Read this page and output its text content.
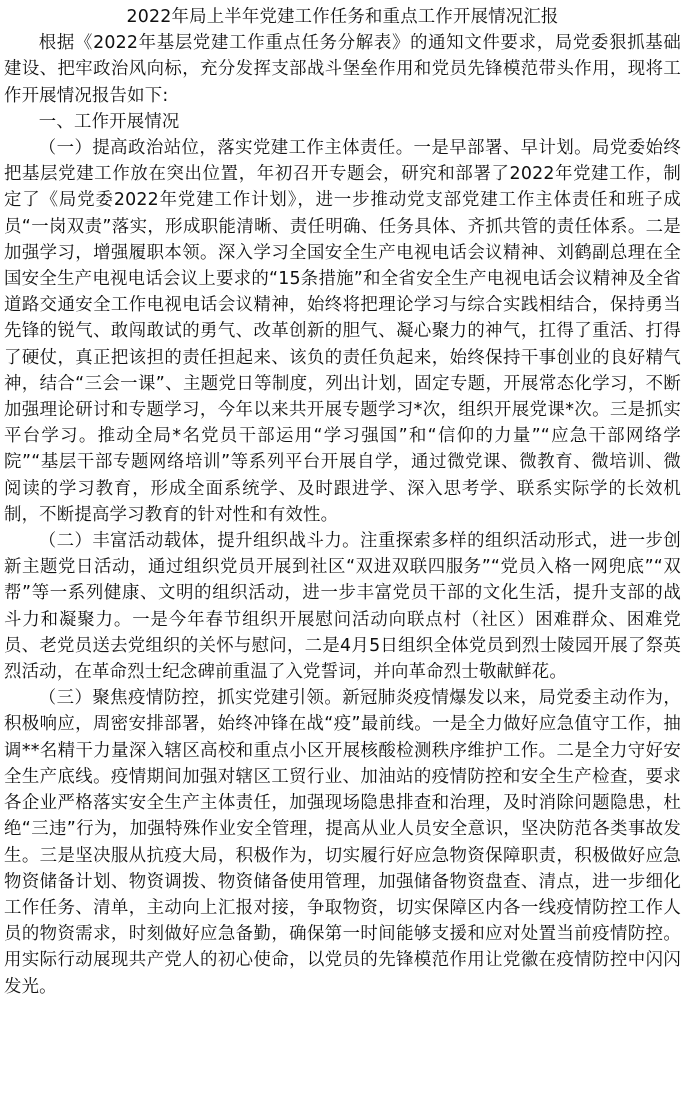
2022年局上半年党建工作任务和重点工作开展情况汇报

根据《2022年基层党建工作重点任务分解表》的通知文件要求，局党委狠抓基础建设、把牢政治风向标，充分发挥支部战斗堡垒作用和党员先锋模范带头作用，现将工作开展情况报告如下:

一、工作开展情况

（一）提高政治站位，落实党建工作主体责任。一是早部署、早计划。局党委始终把基层党建工作放在突出位置，年初召开专题会，研究和部署了2022年党建工作，制定了《局党委2022年党建工作计划》，进一步推动党支部党建工作主体责任和班子成员“一岗双责”落实，形成职能清晰、责任明确、任务具体、齐抓共管的责任体系。二是加强学习，增强履职本领。深入学习全国安全生产电视电话会议精神、刘鹤副总理在全国安全生产电视电话会议上要求的“15条措施”和全省安全生产电视电话会议精神及全省道路交通安全工作电视电话会议精神，始终将把理论学习与综合实践相结合，保持勇当先锋的锐气、敢闯敢试的勇气、改革创新的胆气、凝心聚力的神气，扛得了重活、打得了硬仗，真正把该担的责任担起来、该负的责任负起来，始终保持干事创业的良好精气神，结合“三会一课”、主题党日等制度，列出计划，固定专题，开展常态化学习，不断加强理论研讨和专题学习，今年以来共开展专题学习*次，组织开展党课*次。三是抓实平台学习。推动全局*名党员干部运用“学习强国”和“信仰的力量”“应急干部网络学院”“基层干部专题网络培训”等系列平台开展自学，通过微党课、微教育、微培训、微阅读的学习教育，形成全面系统学、及时跟进学、深入思考学、联系实际学的长效机制，不断提高学习教育的针对性和有效性。

（二）丰富活动载体，提升组织战斗力。注重探索多样的组织活动形式，进一步创新主题党日活动，通过组织党员开展到社区“双进双联四服务”“党员入格一网兜底”“双帮”等一系列健康、文明的组织活动，进一步丰富党员干部的文化生活，提升支部的战斗力和凝聚力。一是今年春节组织开展慰问活动向联点村（社区）困难群众、困难党员、老党员送去党组织的关怀与慰问，二是4月5日组织全体党员到烈士陵园开展了祭英烈活动，在革命烈士纪念碑前重温了入党誓词，并向革命烈士敬献鲜花。

（三）聚焦疫情防控，抓实党建引领。新冠肺炎疫情爆发以来，局党委主动作为，积极响应，周密安排部署，始终冲锋在战“疫”最前线。一是全力做好应急值守工作，抽调**名精干力量深入辖区高校和重点小区开展核酸检测秩序维护工作。二是全力守好安全生产底线。疫情期间加强对辖区工贸行业、加油站的疫情防控和安全生产检查，要求各企业严格落实安全生产主体责任，加强现场隐患排查和治理，及时消除问题隐患，杜绝“三违”行为，加强特殊作业安全管理，提高从业人员安全意识，坚决防范各类事故发生。三是坚决服从抗疫大局，积极作为，切实履行好应急物资保障职责，积极做好应急物资储备计划、物资调拨、物资储备使用管理，加强储备物资盘查、清点，进一步细化工作任务、清单，主动向上汇报对接，争取物资，切实保障区内各一线疫情防控工作人员的物资需求，时刻做好应急备勤，确保第一时间能够支援和应对处置当前疫情防控。用实际行动展现共产党人的初心使命，以党员的先锋模范作用让党徽在疫情防控中闪闪发光。
